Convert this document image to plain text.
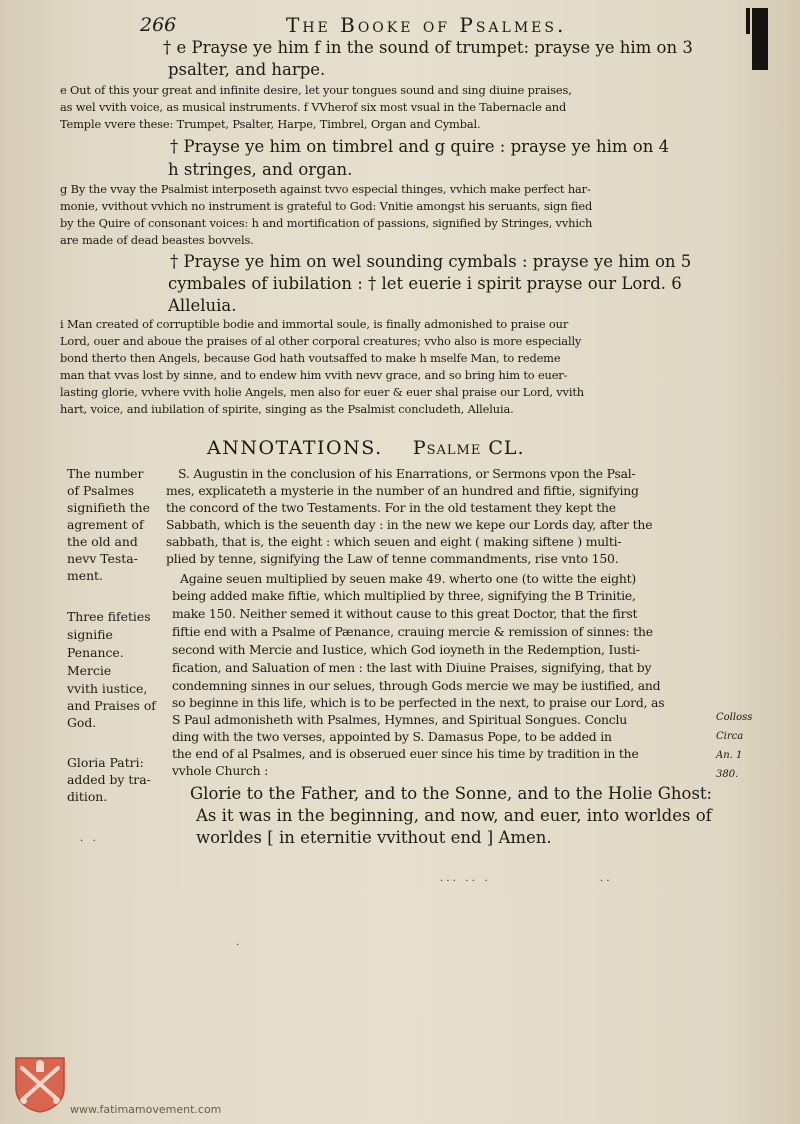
266	The Booke of Psalmes.
† e Prayse ye him f in the sound of trumpet: prayse ye him on 3
psalter, and harpe.
e Out of this your great and infinite desire, let your tongues sound and sing diuine praises,
as wel vvith voice, as musical instruments. f VVherof six most vsual in the Tabernacle and
Temple vvere these: Trumpet, Psalter, Harpe, Timbrel, Organ and Cymbal.
† Prayse ye him on timbrel and g quire : prayse ye him on 4
h stringes, and organ.
g By the vvay the Psalmist interposeth against tvvo especial thinges, vvhich make perfect har-
monie, vvithout vvhich no instrument is grateful to God: Vnitie amongst his seruants, sign fied
by the Quire of consonant voices: h and mortification of passions, signified by Stringes, vvhich
are made of dead beastes bovvels.
† Prayse ye him on wel sounding cymbals : prayse ye him on 5
cymbales of iubilation : † let euerie i spirit prayse our Lord. 6
Alleluia.
i Man created of corruptible bodie and immortal soule, is finally admonished to praise our
Lord, ouer and aboue the praises of al other corporal creatures; vvho also is more especially
bond therto then Angels, because God hath voutsaffed to make h mselfe Man, to redeme
man that vvas lost by sinne, and to endew him vvith nevv grace, and so bring him to euer-
lasting glorie, vvhere vvith holie Angels, men also for euer & euer shal praise our Lord, vvith
hart, voice, and iubilation of spirite, singing as the Psalmist concludeth, Alleluia.
ANNOTATIONS. Psalme CL.
The number
of Psalmes
signifieth the
agrement of
the old and
nevv Testa-
ment.
Three fifeties
signifie
Penance.
Mercie
vvith iustice,
and Praises of
God.
Gloria Patri:
added by tra-
dition.
S. Augustin in the conclusion of his Enarrations, or Sermons vpon the Psal-
mes, explicateth a mysterie in the number of an hundred and fiftie, signifying
the concord of the two Testaments. For in the old testament they kept the
Sabbath, which is the seuenth day : in the new we kepe our Lords day, after the
sabbath, that is, the eight : which seuen and eight ( making siftene ) multi-
plied by tenne, signifying the Law of tenne commandments, rise vnto 150.
Againe seuen multiplied by seuen make 49. wherto one (to witte the eight)
being added make fiftie, which multiplied by three, signifying the B Trinitie,
make 150. Neither semed it without cause to this great Doctor, that the first
fiftie end with a Psalme of Pænance, crauing mercie & remission of sinnes: the
second with Mercie and Iustice, which God ioyneth in the Redemption, Iusti-
fication, and Saluation of men : the last with Diuine Praises, signifying, that by
condemning sinnes in our selues, through Gods mercie we may be iustified, and
so beginne in this life, which is to be perfected in the next, to praise our Lord, as
S Paul admonisheth with Psalmes, Hymnes, and Spiritual Songues. Conclu
ding with the two verses, appointed by S. Damasus Pope, to be added in
the end of al Psalmes, and is obserued euer since his time by tradition in the
vvhole Church :
Colloss
Circa
An. 1
380.
Glorie to the Father, and to the Sonne, and to the Holie Ghost:
As it was in the beginning, and now, and euer, into worldes of
worldes [ in eternitie vvithout end ] Amen.
·   ·
· · ·   · ·   ·	· ·
·
www.fatimamovement.com
